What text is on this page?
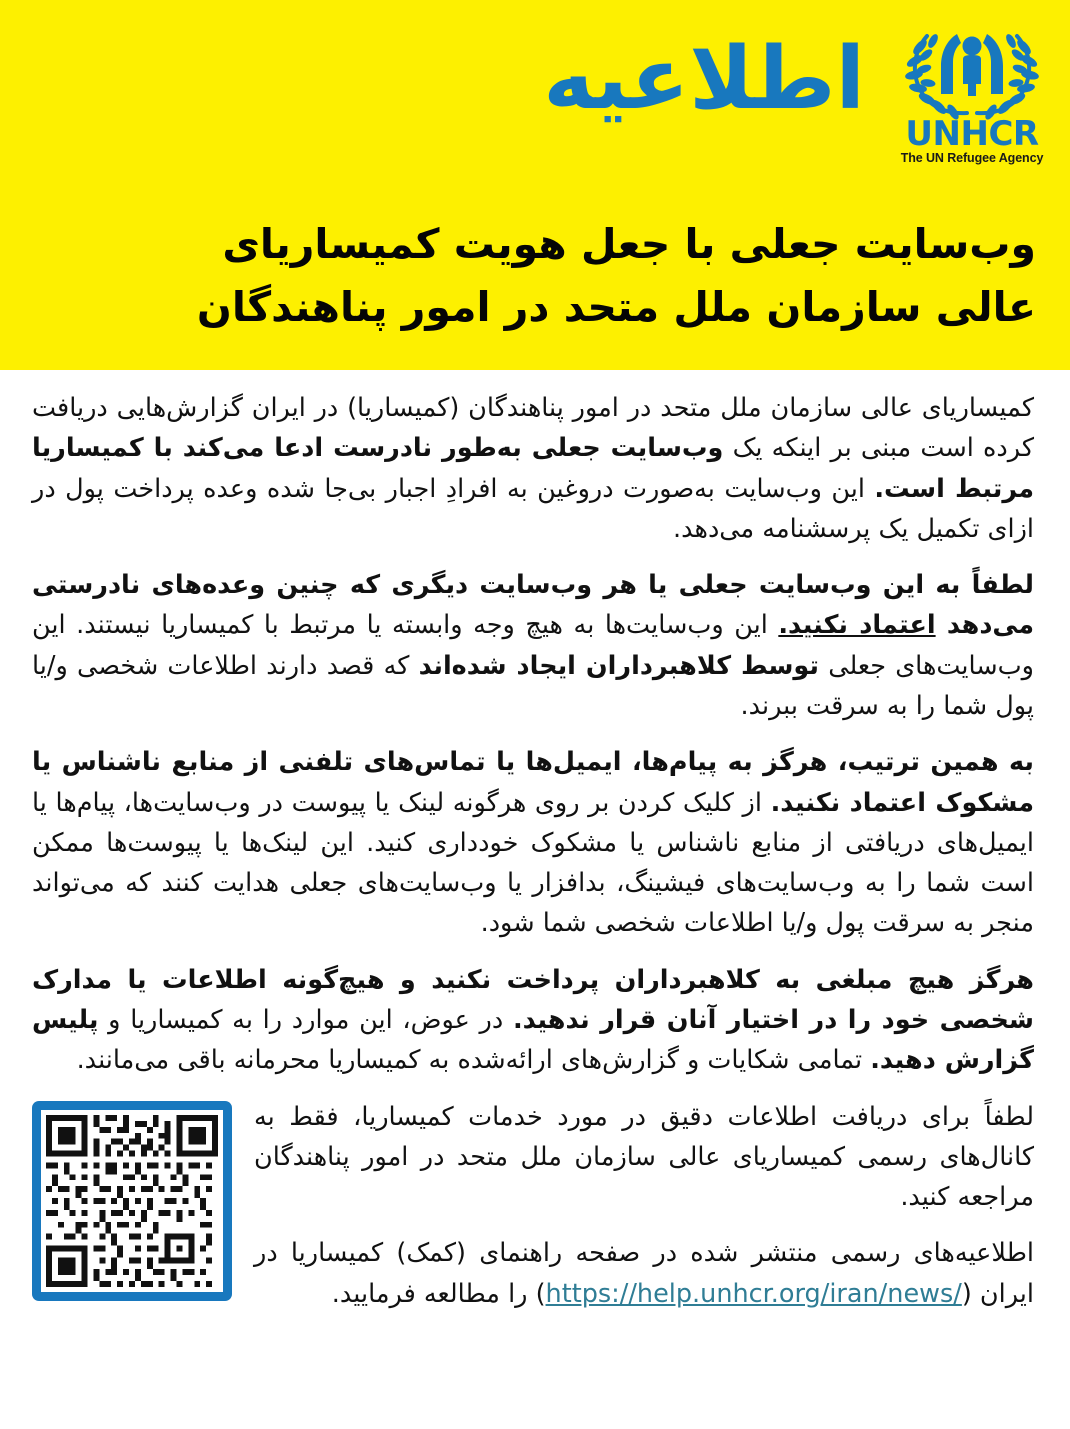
UNHCR
The UN Refugee Agency
اطلاعیه
وب‌سایت جعلی با جعل هویت کمیساریای
عالی سازمان ملل متحد در امور پناهندگان

کمیساریای عالی سازمان ملل متحد در امور پناهندگان (کمیساریا) در ایران گزارش‌هایی دریافت کرده است مبنی بر اینکه یک وب‌سایت جعلی به‌طور نادرست ادعا می‌کند با کمیساریا مرتبط است. این وب‌سایت به‌صورت دروغین به افرادِ اجبار بی‌جا شده وعده پرداخت پول در ازای تکمیل یک پرسشنامه می‌دهد.

لطفاً به این وب‌سایت جعلی یا هر وب‌سایت دیگری که چنین وعده‌های نادرستی می‌دهد اعتماد نکنید. این وب‌سایت‌ها به هیچ وجه وابسته یا مرتبط با کمیساریا نیستند. این وب‌سایت‌های جعلی توسط کلاهبرداران ایجاد شده‌اند که قصد دارند اطلاعات شخصی و/یا پول شما را به سرقت ببرند.

به همین ترتیب، هرگز به پیام‌ها، ایمیل‌ها یا تماس‌های تلفنی از منابع ناشناس یا مشکوک اعتماد نکنید. از کلیک کردن بر روی هرگونه لینک یا پیوست در وب‌سایت‌ها، پیام‌ها یا ایمیل‌های دریافتی از منابع ناشناس یا مشکوک خودداری کنید. این لینک‌ها یا پیوست‌ها ممکن است شما را به وب‌سایت‌های فیشینگ، بدافزار یا وب‌سایت‌های جعلی هدایت کنند که می‌تواند منجر به سرقت پول و/یا اطلاعات شخصی شما شود.

هرگز هیچ مبلغی به کلاهبرداران پرداخت نکنید و هیچ‌گونه اطلاعات یا مدارک شخصی خود را در اختیار آنان قرار ندهید. در عوض، این موارد را به کمیساریا و پلیس گزارش دهید. تمامی شکایات و گزارش‌های ارائه‌شده به کمیساریا محرمانه باقی می‌مانند.

لطفاً برای دریافت اطلاعات دقیق در مورد خدمات کمیساریا، فقط به کانال‌های رسمی کمیساریای عالی سازمان ملل متحد در امور پناهندگان مراجعه کنید.

اطلاعیه‌های رسمی منتشر شده در صفحه راهنمای (کمک) کمیساریا در ایران (https://help.unhcr.org/iran/news/) را مطالعه فرمایید.
